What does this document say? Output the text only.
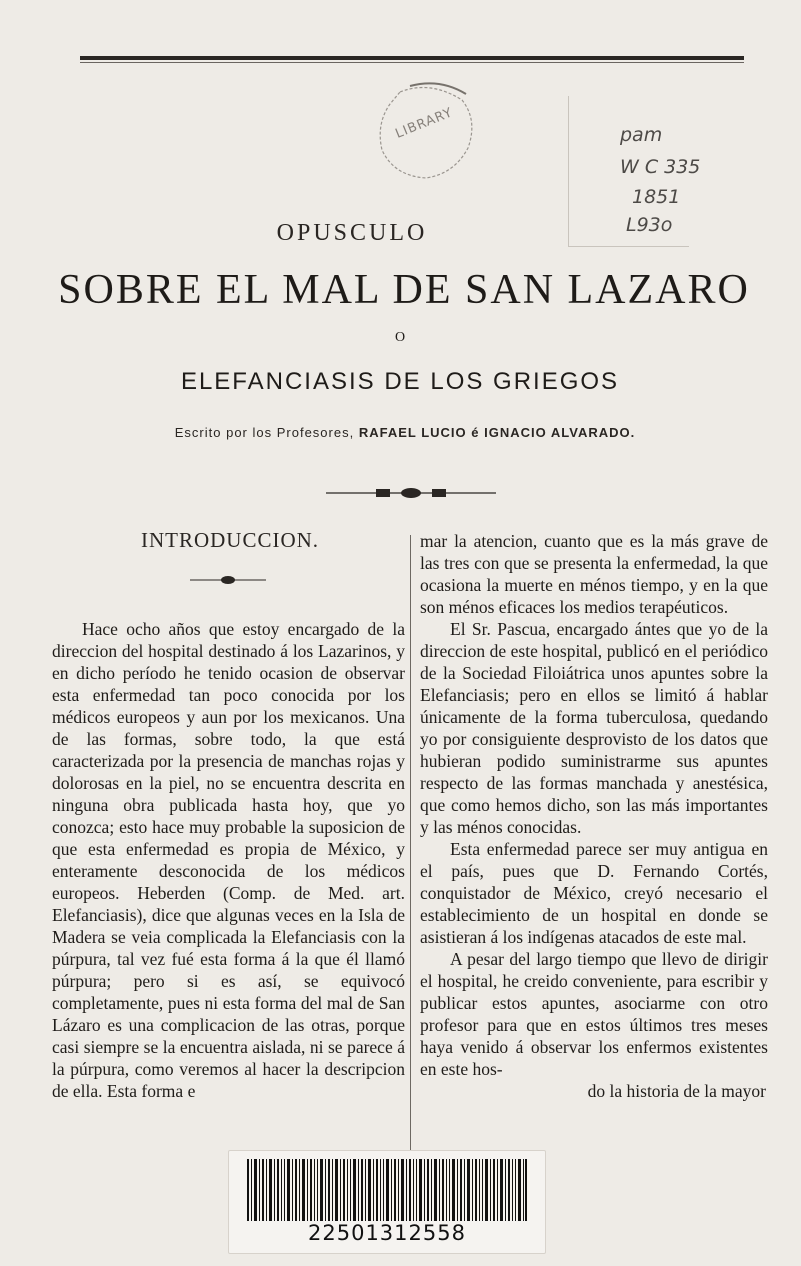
LIBRARY	pam
W C 335
1851
L93o
OPUSCULO
SOBRE EL MAL DE SAN LAZARO
O
ELEFANCIASIS DE LOS GRIEGOS
Escrito por los Profesores, RAFAEL LUCIO é IGNACIO ALVARADO.
INTRODUCCION.

Hace ocho años que estoy encargado de la direccion del hospital destinado á los Lazarinos, y en dicho período he tenido ocasion de observar esta enfermedad tan poco conocida por los médicos europeos y aun por los mexicanos. Una de las formas, sobre todo, la que está caracterizada por la presencia de manchas rojas y dolorosas en la piel, no se encuentra descrita en ninguna obra publicada hasta hoy, que yo conozca; esto hace muy probable la suposicion de que esta enfermedad es propia de México, y enteramente desconocida de los médicos europeos. Heberden (Comp. de Med. art. Elefanciasis), dice que algunas veces en la Isla de Madera se veia complicada la Elefanciasis con la púrpura, tal vez fué esta forma á la que él llamó púrpura; pero si es así, se equivocó completamente, pues ni esta forma del mal de San Lázaro es una complicacion de las otras, porque casi siempre se la encuentra aislada, ni se parece á la púrpura, como veremos al hacer la descripcion de ella. Esta forma e

mar la atencion, cuanto que es la más grave de las tres con que se presenta la enfermedad, la que ocasiona la muerte en ménos tiempo, y en la que son ménos eficaces los medios terapéuticos.

El Sr. Pascua, encargado ántes que yo de la direccion de este hospital, publicó en el periódico de la Sociedad Filoiátrica unos apuntes sobre la Elefanciasis; pero en ellos se limitó á hablar únicamente de la forma tuberculosa, quedando yo por consiguiente desprovisto de los datos que hubieran podido suministrarme sus apuntes respecto de las formas manchada y anestésica, que como hemos dicho, son las más importantes y las ménos conocidas.

Esta enfermedad parece ser muy antigua en el país, pues que D. Fernando Cortés, conquistador de México, creyó necesario el establecimiento de un hospital en donde se asistieran á los indígenas atacados de este mal.

A pesar del largo tiempo que llevo de dirigir el hospital, he creido conveniente, para escribir y publicar estos apuntes, asociarme con otro profesor para que en estos últimos tres meses haya venido á observar los enfermos existentes en este hos-

do la historia de la mayor

22501312558
